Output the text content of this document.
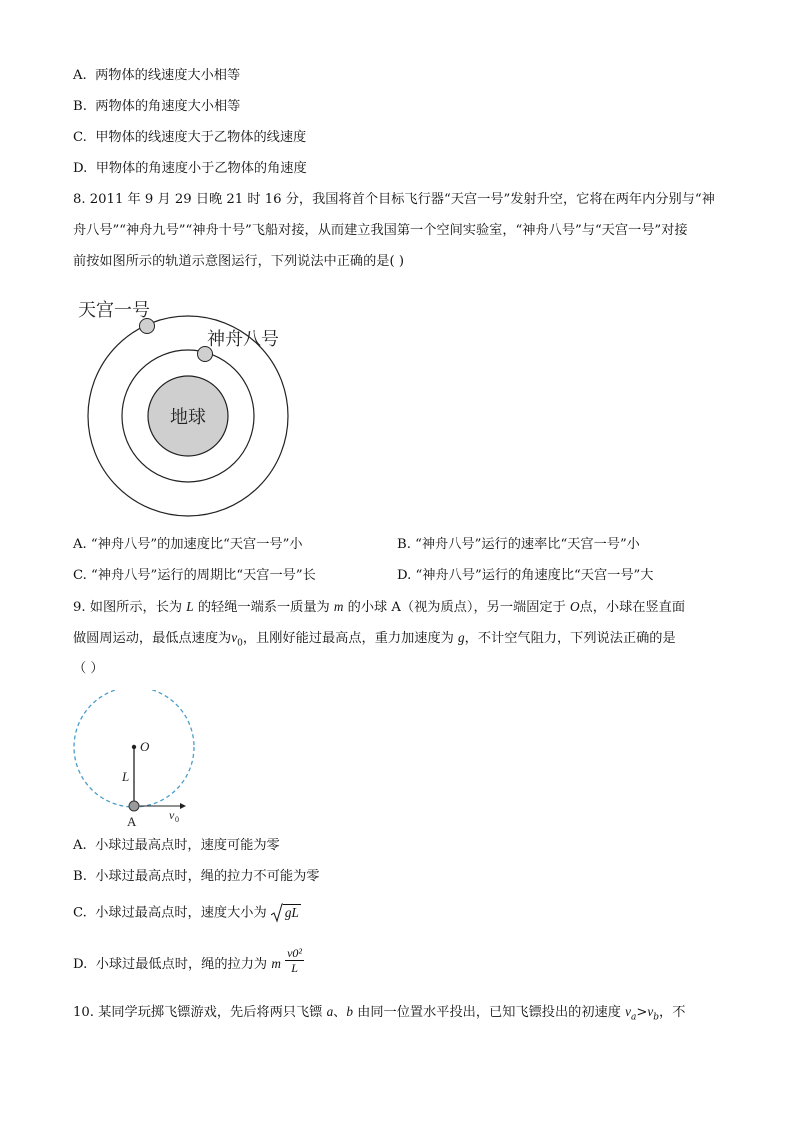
A. 两物体的线速度大小相等
B. 两物体的角速度大小相等
C. 甲物体的线速度大于乙物体的线速度
D. 甲物体的角速度小于乙物体的角速度
8. 2011 年 9 月 29 日晚 21 时 16 分，我国将首个目标飞行器“天宫一号”发射升空，它将在两年内分别与“神
舟八号”“神舟九号”“神舟十号”飞船对接，从而建立我国第一个空间实验室，“神舟八号”与“天宫一号”对接
前按如图所示的轨道示意图运行，下列说法中正确的是( )
天宫一号
神舟八号
地球
A. “神舟八号”的加速度比“天宫一号”小	B. “神舟八号”运行的速率比“天宫一号”小
C. “神舟八号”运行的周期比“天宫一号”长	D. “神舟八号”运行的角速度比“天宫一号”大
9. 如图所示，长为 L 的轻绳一端系一质量为 m 的小球 A（视为质点），另一端固定于 O点，小球在竖直面
做圆周运动，最低点速度为$v_0$，且刚好能过最高点，重力加速度为 g，不计空气阻力，下列说法正确的是
（ ）
O
L
A	v 0
A. 小球过最高点时，速度可能为零
B. 小球过最高点时，绳的拉力不可能为零
C. 小球过最高点时，速度大小为 gL
D. 小球过最低点时，绳的拉力为 m $\frac{\text{v0²}}{L}$
10. 某同学玩掷飞镖游戏，先后将两只飞镖 a、b 由同一位置水平投出，已知飞镖投出的初速度 $v_a>v_b$，不
